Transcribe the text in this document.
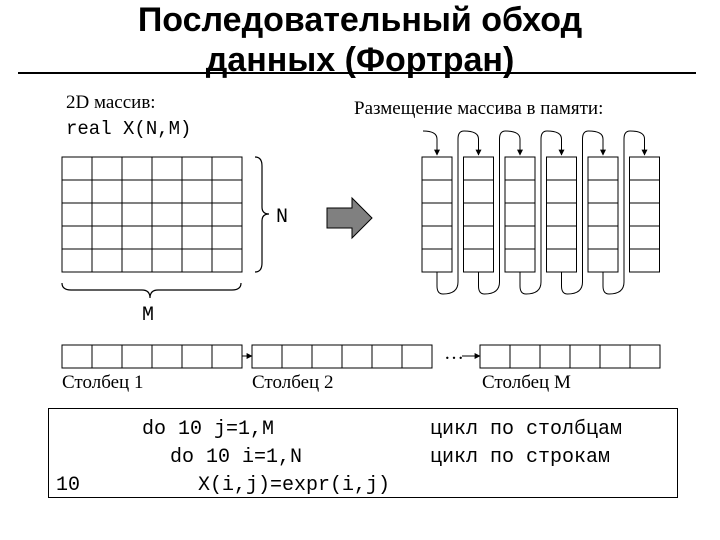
Последовательный обход
данных (Фортран)
2D массив:
real X(N,M)
Размещение массива в памяти:
N
M
…
Столбец 1	Столбец 2	Столбец M
do 10 j=1,M	цикл по столбцам
do 10 i=1,N	цикл по строкам
10	X(i,j)=expr(i,j)
